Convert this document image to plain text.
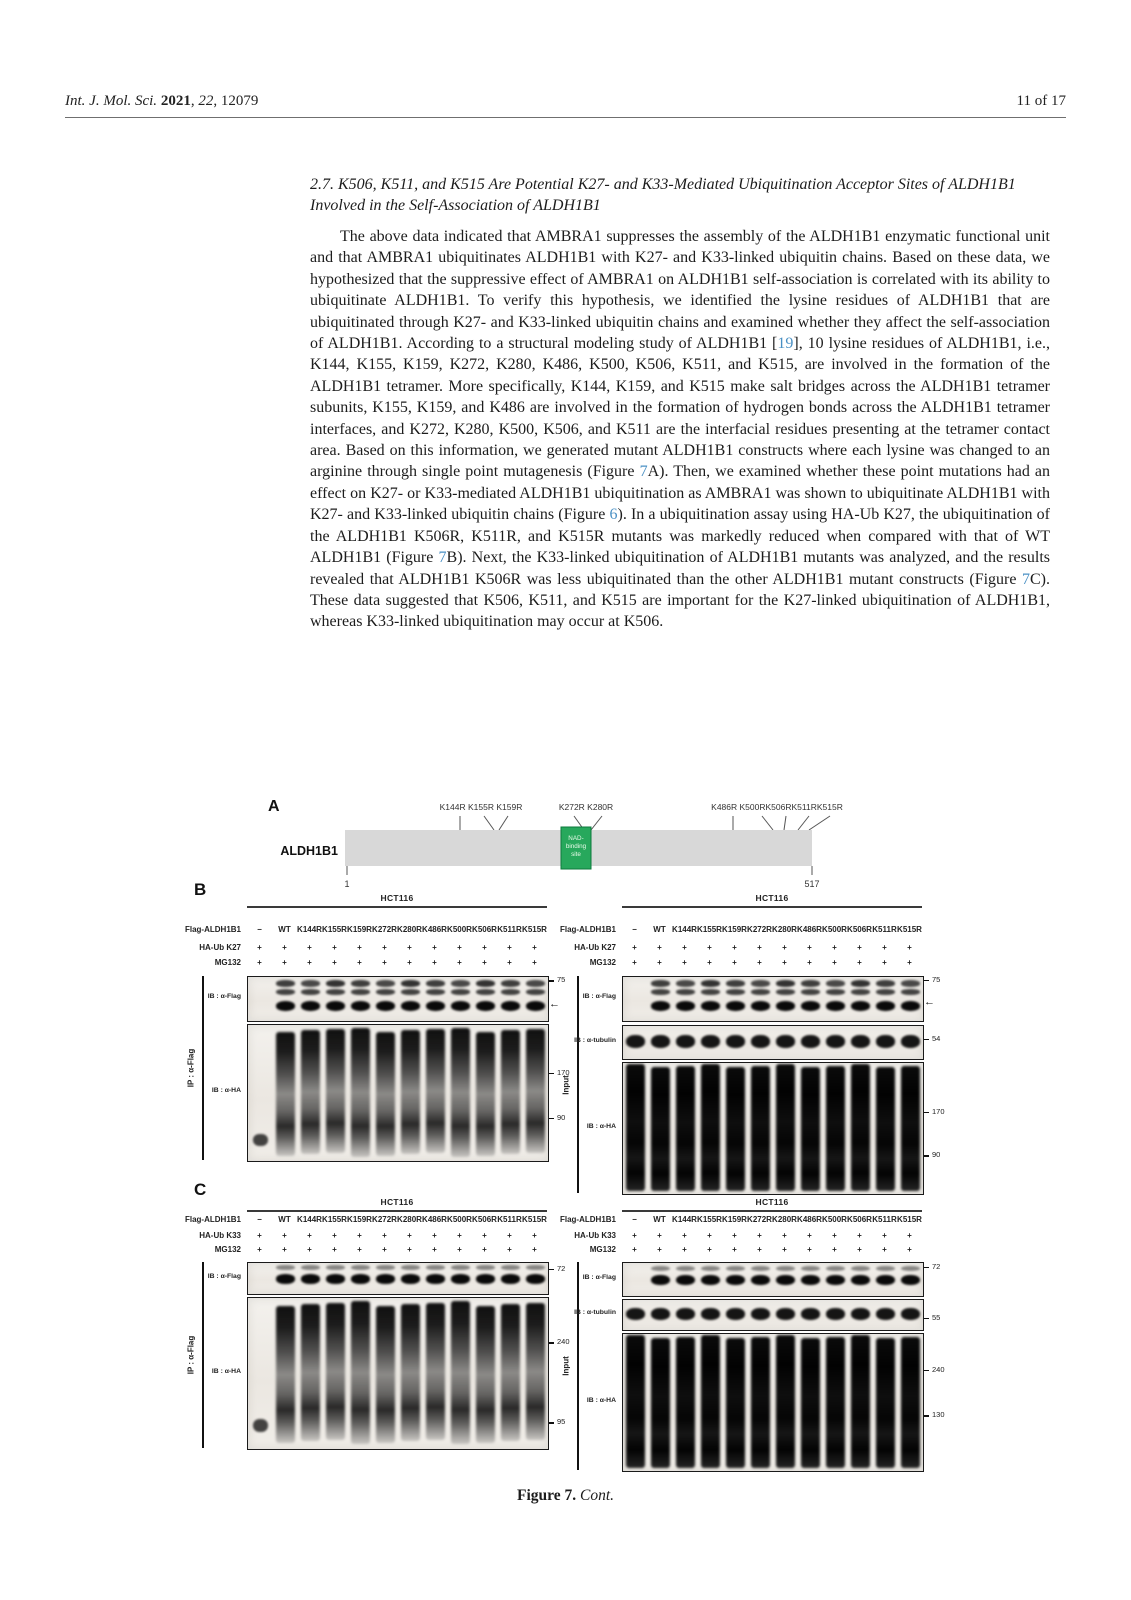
Int. J. Mol. Sci. 2021, 22, 12079	11 of 17

2.7. K506, K511, and K515 Are Potential K27- and K33-Mediated Ubiquitination Acceptor Sites of ALDH1B1 Involved in the Self-Association of ALDH1B1

The above data indicated that AMBRA1 suppresses the assembly of the ALDH1B1 enzymatic functional unit and that AMBRA1 ubiquitinates ALDH1B1 with K27- and K33-linked ubiquitin chains. Based on these data, we hypothesized that the suppressive effect of AMBRA1 on ALDH1B1 self-association is correlated with its ability to ubiquitinate ALDH1B1. To verify this hypothesis, we identified the lysine residues of ALDH1B1 that are ubiquitinated through K27- and K33-linked ubiquitin chains and examined whether they affect the self-association of ALDH1B1. According to a structural modeling study of ALDH1B1 [19], 10 lysine residues of ALDH1B1, i.e., K144, K155, K159, K272, K280, K486, K500, K506, K511, and K515, are involved in the formation of the ALDH1B1 tetramer. More specifically, K144, K159, and K515 make salt bridges across the ALDH1B1 tetramer subunits, K155, K159, and K486 are involved in the formation of hydrogen bonds across the ALDH1B1 tetramer interfaces, and K272, K280, K500, K506, and K511 are the interfacial residues presenting at the tetramer contact area. Based on this information, we generated mutant ALDH1B1 constructs where each lysine was changed to an arginine through single point mutagenesis (Figure 7A). Then, we examined whether these point mutations had an effect on K27- or K33-mediated ALDH1B1 ubiquitination as AMBRA1 was shown to ubiquitinate ALDH1B1 with K27- and K33-linked ubiquitin chains (Figure 6). In a ubiquitination assay using HA-Ub K27, the ubiquitination of the ALDH1B1 K506R, K511R, and K515R mutants was markedly reduced when compared with that of WT ALDH1B1 (Figure 7B). Next, the K33-linked ubiquitination of ALDH1B1 mutants was analyzed, and the results revealed that ALDH1B1 K506R was less ubiquitinated than the other ALDH1B1 mutant constructs (Figure 7C). These data suggested that K506, K511, and K515 are important for the K27-linked ubiquitination of ALDH1B1, whereas K33-linked ubiquitination may occur at K506.

A	K144R K155R K159R	K272R K280R	K486R K500RK506RK511RK515R
ALDH1B1
NAD-
binding
site
1	517
B	HCT116
Flag-ALDH1B1	−	WT K144R K155R K159R K272R K280R K486R K500R K506R K511R K515R
HA-Ub K27	+	+	+	+	+	+	+	+	+	+	+	+
MG132	+	+	+	+	+	+	+	+	+	+	+	+
IP : α-Flag
IB : α-Flag
75
←
IB : α-HA
170
90
HCT116
Flag-ALDH1B1	−	WT K144R K155R K159R K272R K280R K486R K500R K506R K511R K515R
HA-Ub K27	+	+	+	+	+	+	+	+	+	+	+	+
MG132	+	+	+	+	+	+	+	+	+	+	+	+
Input
IB : α-Flag
75
←
IB : α-tubulin	54
IB : α-HA
170
90
C
HCT116
Flag-ALDH1B1	−	WT K144R K155R K159R K272R K280R K486R K500R K506R K511R K515R
HA-Ub K33	+	+	+	+	+	+	+	+	+	+	+	+
MG132	+	+	+	+	+	+	+	+	+	+	+	+
IP : α-Flag
IB : α-Flag
72
IB : α-HA
240
95
HCT116
Flag-ALDH1B1	−	WT K144R K155R K159R K272R K280R K486R K500R K506R K511R K515R
HA-Ub K33	+	+	+	+	+	+	+	+	+	+	+	+
MG132	+	+	+	+	+	+	+	+	+	+	+	+
Input
IB : α-Flag
72
IB : α-tubulin
55
IB : α-HA
240
130
Figure 7. Cont.
